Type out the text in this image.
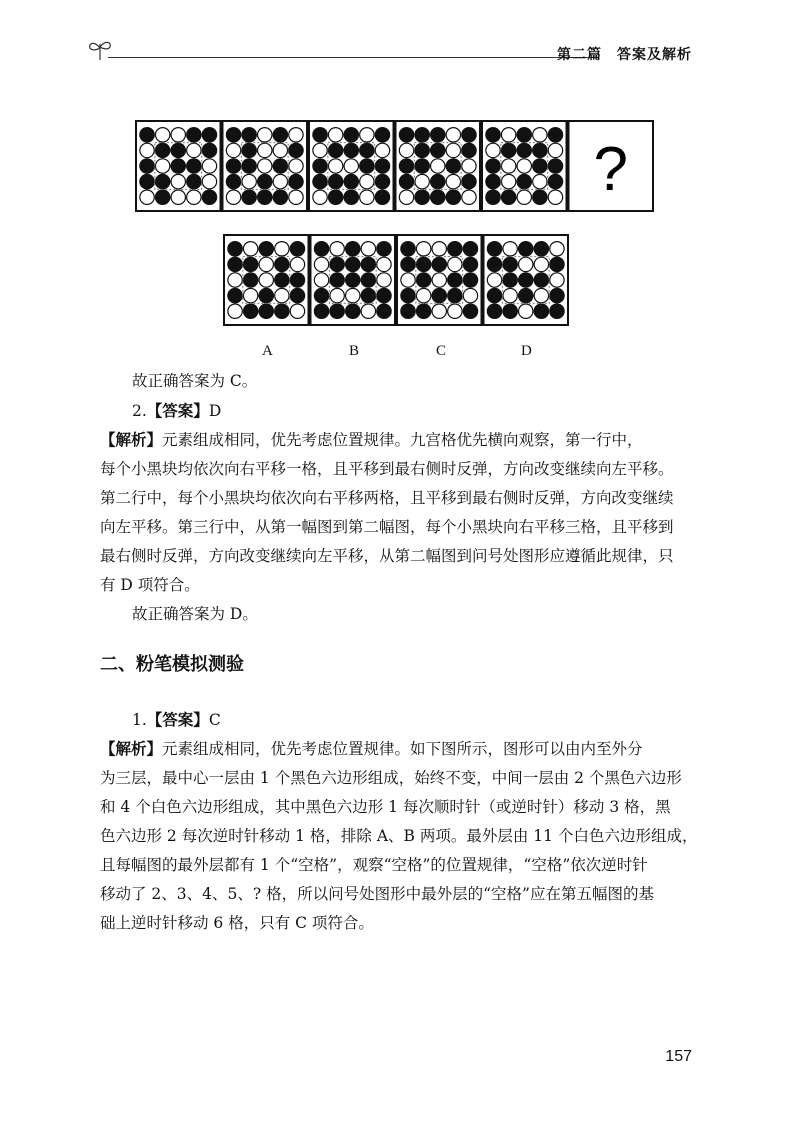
第二篇　答案及解析
?
A	B	C	D

故正确答案为 C。

2.【答案】D

【解析】元素组成相同，优先考虑位置规律。九宫格优先横向观察，第一行中，

每个小黑块均依次向右平移一格，且平移到最右侧时反弹，方向改变继续向左平移。

第二行中，每个小黑块均依次向右平移两格，且平移到最右侧时反弹，方向改变继续

向左平移。第三行中，从第一幅图到第二幅图，每个小黑块向右平移三格，且平移到

最右侧时反弹，方向改变继续向左平移，从第二幅图到问号处图形应遵循此规律，只

有 D 项符合。

故正确答案为 D。

二、粉笔模拟测验

1.【答案】C

【解析】元素组成相同，优先考虑位置规律。如下图所示，图形可以由内至外分

为三层，最中心一层由 1 个黑色六边形组成，始终不变，中间一层由 2 个黑色六边形

和 4 个白色六边形组成，其中黑色六边形 1 每次顺时针（或逆时针）移动 3 格，黑

色六边形 2 每次逆时针移动 1 格，排除 A、B 两项。最外层由 11 个白色六边形组成，

且每幅图的最外层都有 1 个“空格”，观察“空格”的位置规律，“空格”依次逆时针

移动了 2、3、4、5、? 格，所以问号处图形中最外层的“空格”应在第五幅图的基

础上逆时针移动 6 格，只有 C 项符合。

157
